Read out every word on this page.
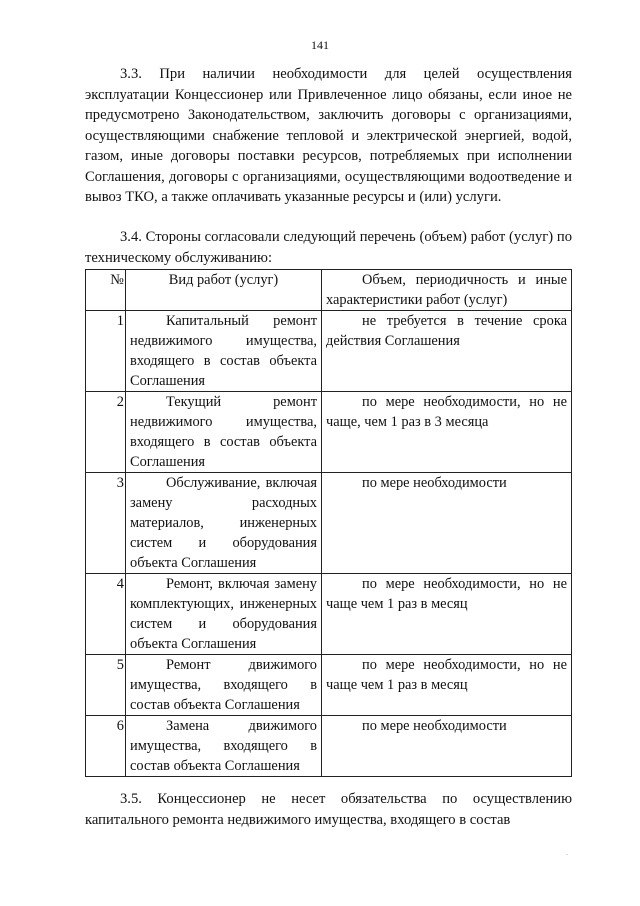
141
3.3. При наличии необходимости для целей осуществления эксплуатации Концессионер или Привлеченное лицо обязаны, если иное не предусмотрено Законодательством, заключить договоры с организациями, осуществляющими снабжение тепловой и электрической энергией, водой, газом, иные договоры поставки ресурсов, потребляемых при исполнении Соглашения, договоры с организациями, осуществляющими водоотведение и вывоз ТКО, а также оплачивать указанные ресурсы и (или) услуги.
3.4. Стороны согласовали следующий перечень (объем) работ (услуг) по техническому обслуживанию:
№	Вид работ (услуг)	Объем, периодичность и иные характеристики работ (услуг)

1	Капитальный ремонт недвижимого имущества, входящего в состав объекта Соглашения	не требуется в течение срока действия Соглашения

2	Текущий ремонт недвижимого имущества, входящего в состав объекта Соглашения	по мере необходимости, но не чаще, чем 1 раз в 3 месяца

3	Обслуживание, включая замену расходных материалов, инженерных систем и оборудования объекта Соглашения	по мере необходимости

4	Ремонт, включая замену комплектующих, инженерных систем и оборудования объекта Соглашения	по мере необходимости, но не чаще чем 1 раз в месяц

5	Ремонт движимого имущества, входящего в состав объекта Соглашения	по мере необходимости, но не чаще чем 1 раз в месяц

6	Замена движимого имущества, входящего в состав объекта Соглашения	по мере необходимости
3.5. Концессионер не несет обязательства по осуществлению капитального ремонта недвижимого имущества, входящего в состав
.
